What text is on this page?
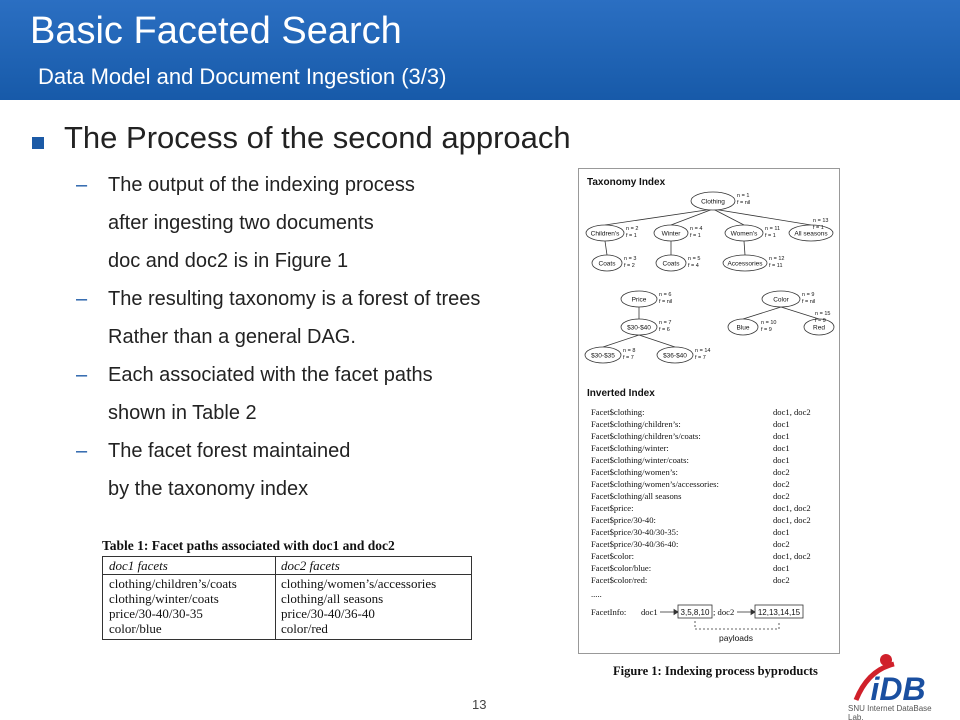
Basic Faceted Search
Data Model and Document Ingestion (3/3)
The Process of the second approach
– The output of the indexing process
after ingesting two documents
doc and doc2 is in Figure 1
– The resulting taxonomy is a forest of trees
Rather than a general DAG.
– Each associated with the facet paths
shown in Table 2
– The facet forest maintained
by the taxonomy index
Table 1: Facet paths associated with doc1 and doc2
doc1 facets	doc2 facets
clothing/children’s/coats	clothing/women’s/accessories
clothing/winter/coats	clothing/all seasons
price/30-40/30-35	price/30-40/36-40
color/blue	color/red
Taxonomy Index
Clothing
Children's	Winter	Women's	All seasons
Coats	Coats	Accessories
Price
$30-$40
$30-$35	$36-$40
Color
Blue	Red
n = 1
f = nil
n = 2
f = 1
n = 4
f = 1
n = 11
f = 1
n = 13
f = 1
n = 3
f = 2
n = 5
f = 4
n = 12
f = 11
n = 6
f = nil
n = 7
f = 6
n = 8
f = 7
n = 14
f = 7
n = 9
f = nil
n = 10
f = 9
n = 15
f = 9
Inverted Index
Facet$clothing:	doc1, doc2
Facet$clothing/children’s:	doc1
Facet$clothing/children’s/coats:	doc1
Facet$clothing/winter:	doc1
Facet$clothing/winter/coats:	doc1
Facet$clothing/women’s:	doc2
Facet$clothing/women’s/accessories:	doc2
Facet$clothing/all seasons	doc2
Facet$price:	doc1, doc2
Facet$price/30-40:	doc1, doc2
Facet$price/30-40/30-35:	doc1
Facet$price/30-40/36-40:	doc2
Facet$color:	doc1, doc2
Facet$color/blue:	doc1
Facet$color/red:	doc2
.....
FacetInfo: doc1	; doc2
3,5,8,10	12,13,14,15
payloads
Figure 1: Indexing process byproducts
13	iDB
SNU Internet DataBase Lab.
